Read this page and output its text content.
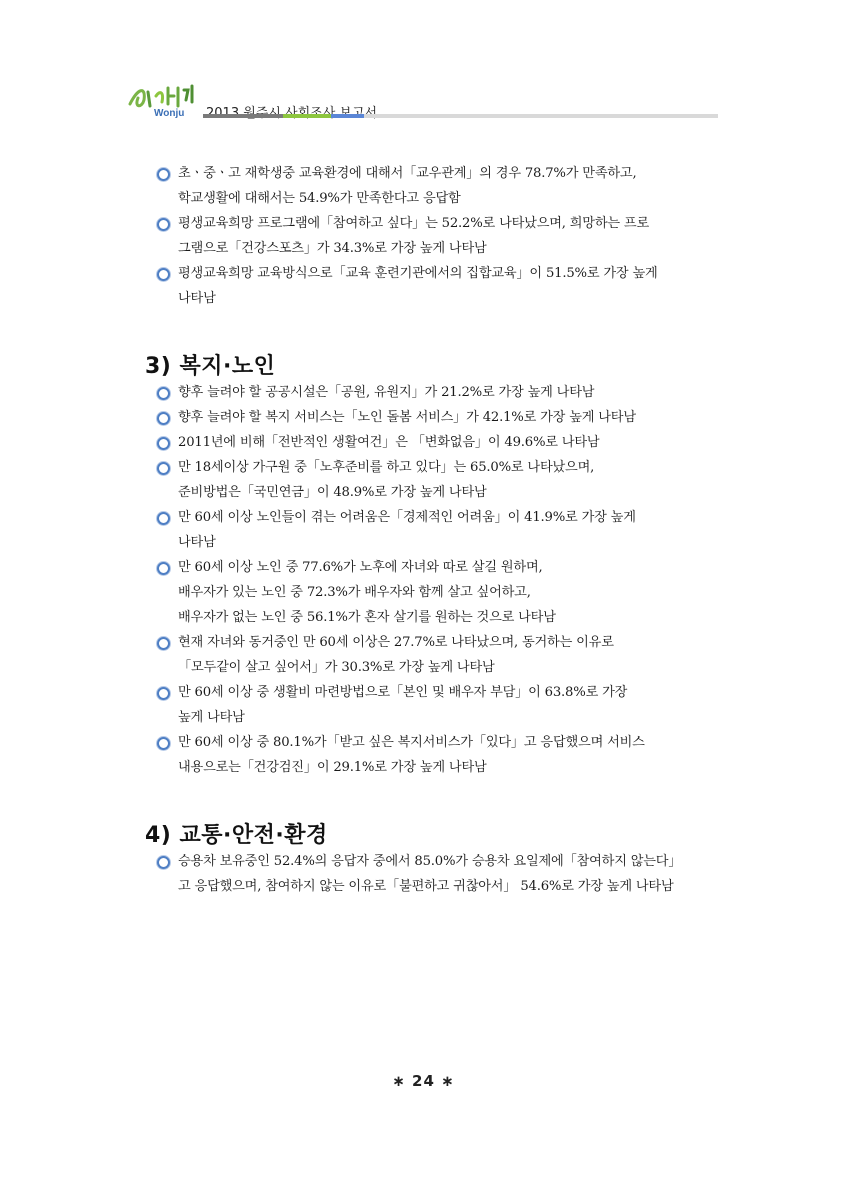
Wonju
초ㆍ중ㆍ고 재학생중 교육환경에 대해서「교우관계」의 경우 78.7%가 만족하고,
학교생활에 대해서는 54.9%가 만족한다고 응답함
평생교육희망 프로그램에「참여하고 싶다」는 52.2%로 나타났으며, 희망하는 프로
그램으로「건강스포츠」가 34.3%로 가장 높게 나타남
평생교육희망 교육방식으로「교육 훈련기관에서의 집합교육」이 51.5%로 가장 높게
나타남
3) 복지·노인
향후 늘려야 할 공공시설은「공원, 유원지」가 21.2%로 가장 높게 나타남
향후 늘려야 할 복지 서비스는「노인 돌봄 서비스」가 42.1%로 가장 높게 나타남
2011년에 비해「전반적인 생활여건」은 「변화없음」이 49.6%로 나타남
만 18세이상 가구원 중「노후준비를 하고 있다」는 65.0%로 나타났으며,
준비방법은「국민연금」이 48.9%로 가장 높게 나타남
만 60세 이상 노인들이 겪는 어려움은「경제적인 어려움」이 41.9%로 가장 높게
나타남
만 60세 이상 노인 중 77.6%가 노후에 자녀와 따로 살길 원하며,
배우자가 있는 노인 중 72.3%가 배우자와 함께 살고 싶어하고,
배우자가 없는 노인 중 56.1%가 혼자 살기를 원하는 것으로 나타남
현재 자녀와 동거중인 만 60세 이상은 27.7%로 나타났으며, 동거하는 이유로
「모두같이 살고 싶어서」가 30.3%로 가장 높게 나타남
만 60세 이상 중 생활비 마련방법으로「본인 및 배우자 부담」이 63.8%로 가장
높게 나타남
만 60세 이상 중 80.1%가「받고 싶은 복지서비스가「있다」고 응답했으며 서비스
내용으로는「건강검진」이 29.1%로 가장 높게 나타남
4) 교통·안전·환경
승용차 보유중인 52.4%의 응답자 중에서 85.0%가 승용차 요일제에「참여하지 않는다」
고 응답했으며, 참여하지 않는 이유로「불편하고 귀찮아서」 54.6%로 가장 높게 나타남
∗ 24 ∗
